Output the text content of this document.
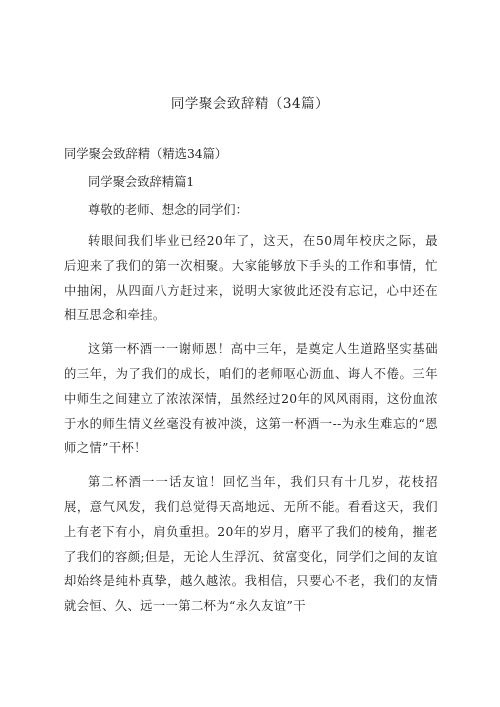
同学聚会致辞精（34篇）

同学聚会致辞精（精选34篇）

同学聚会致辞精篇1

尊敬的老师、想念的同学们：

转眼间我们毕业已经20年了，这天，在50周年校庆之际，最后迎来了我们的第一次相聚。大家能够放下手头的工作和事情，忙中抽闲，从四面八方赶过来，说明大家彼此还没有忘记，心中还在相互思念和牵挂。

这第一杯酒一一谢师恩！高中三年，是奠定人生道路坚实基础的三年，为了我们的成长，咱们的老师呕心沥血、诲人不倦。三年中师生之间建立了浓浓深情，虽然经过20年的风风雨雨，这份血浓于水的师生情义丝毫没有被冲淡，这第一杯酒一--为永生难忘的“恩师之情”干杯！

第二杯酒一一话友谊！回忆当年，我们只有十几岁，花枝招展，意气风发，我们总觉得天高地远、无所不能。看看这天，我们上有老下有小，肩负重担。20年的岁月，磨平了我们的棱角，摧老了我们的容颜;但是，无论人生浮沉、贫富变化，同学们之间的友谊却始终是纯朴真挚，越久越浓。我相信，只要心不老，我们的友情就会恒、久、远一一第二杯为“永久友谊”干
